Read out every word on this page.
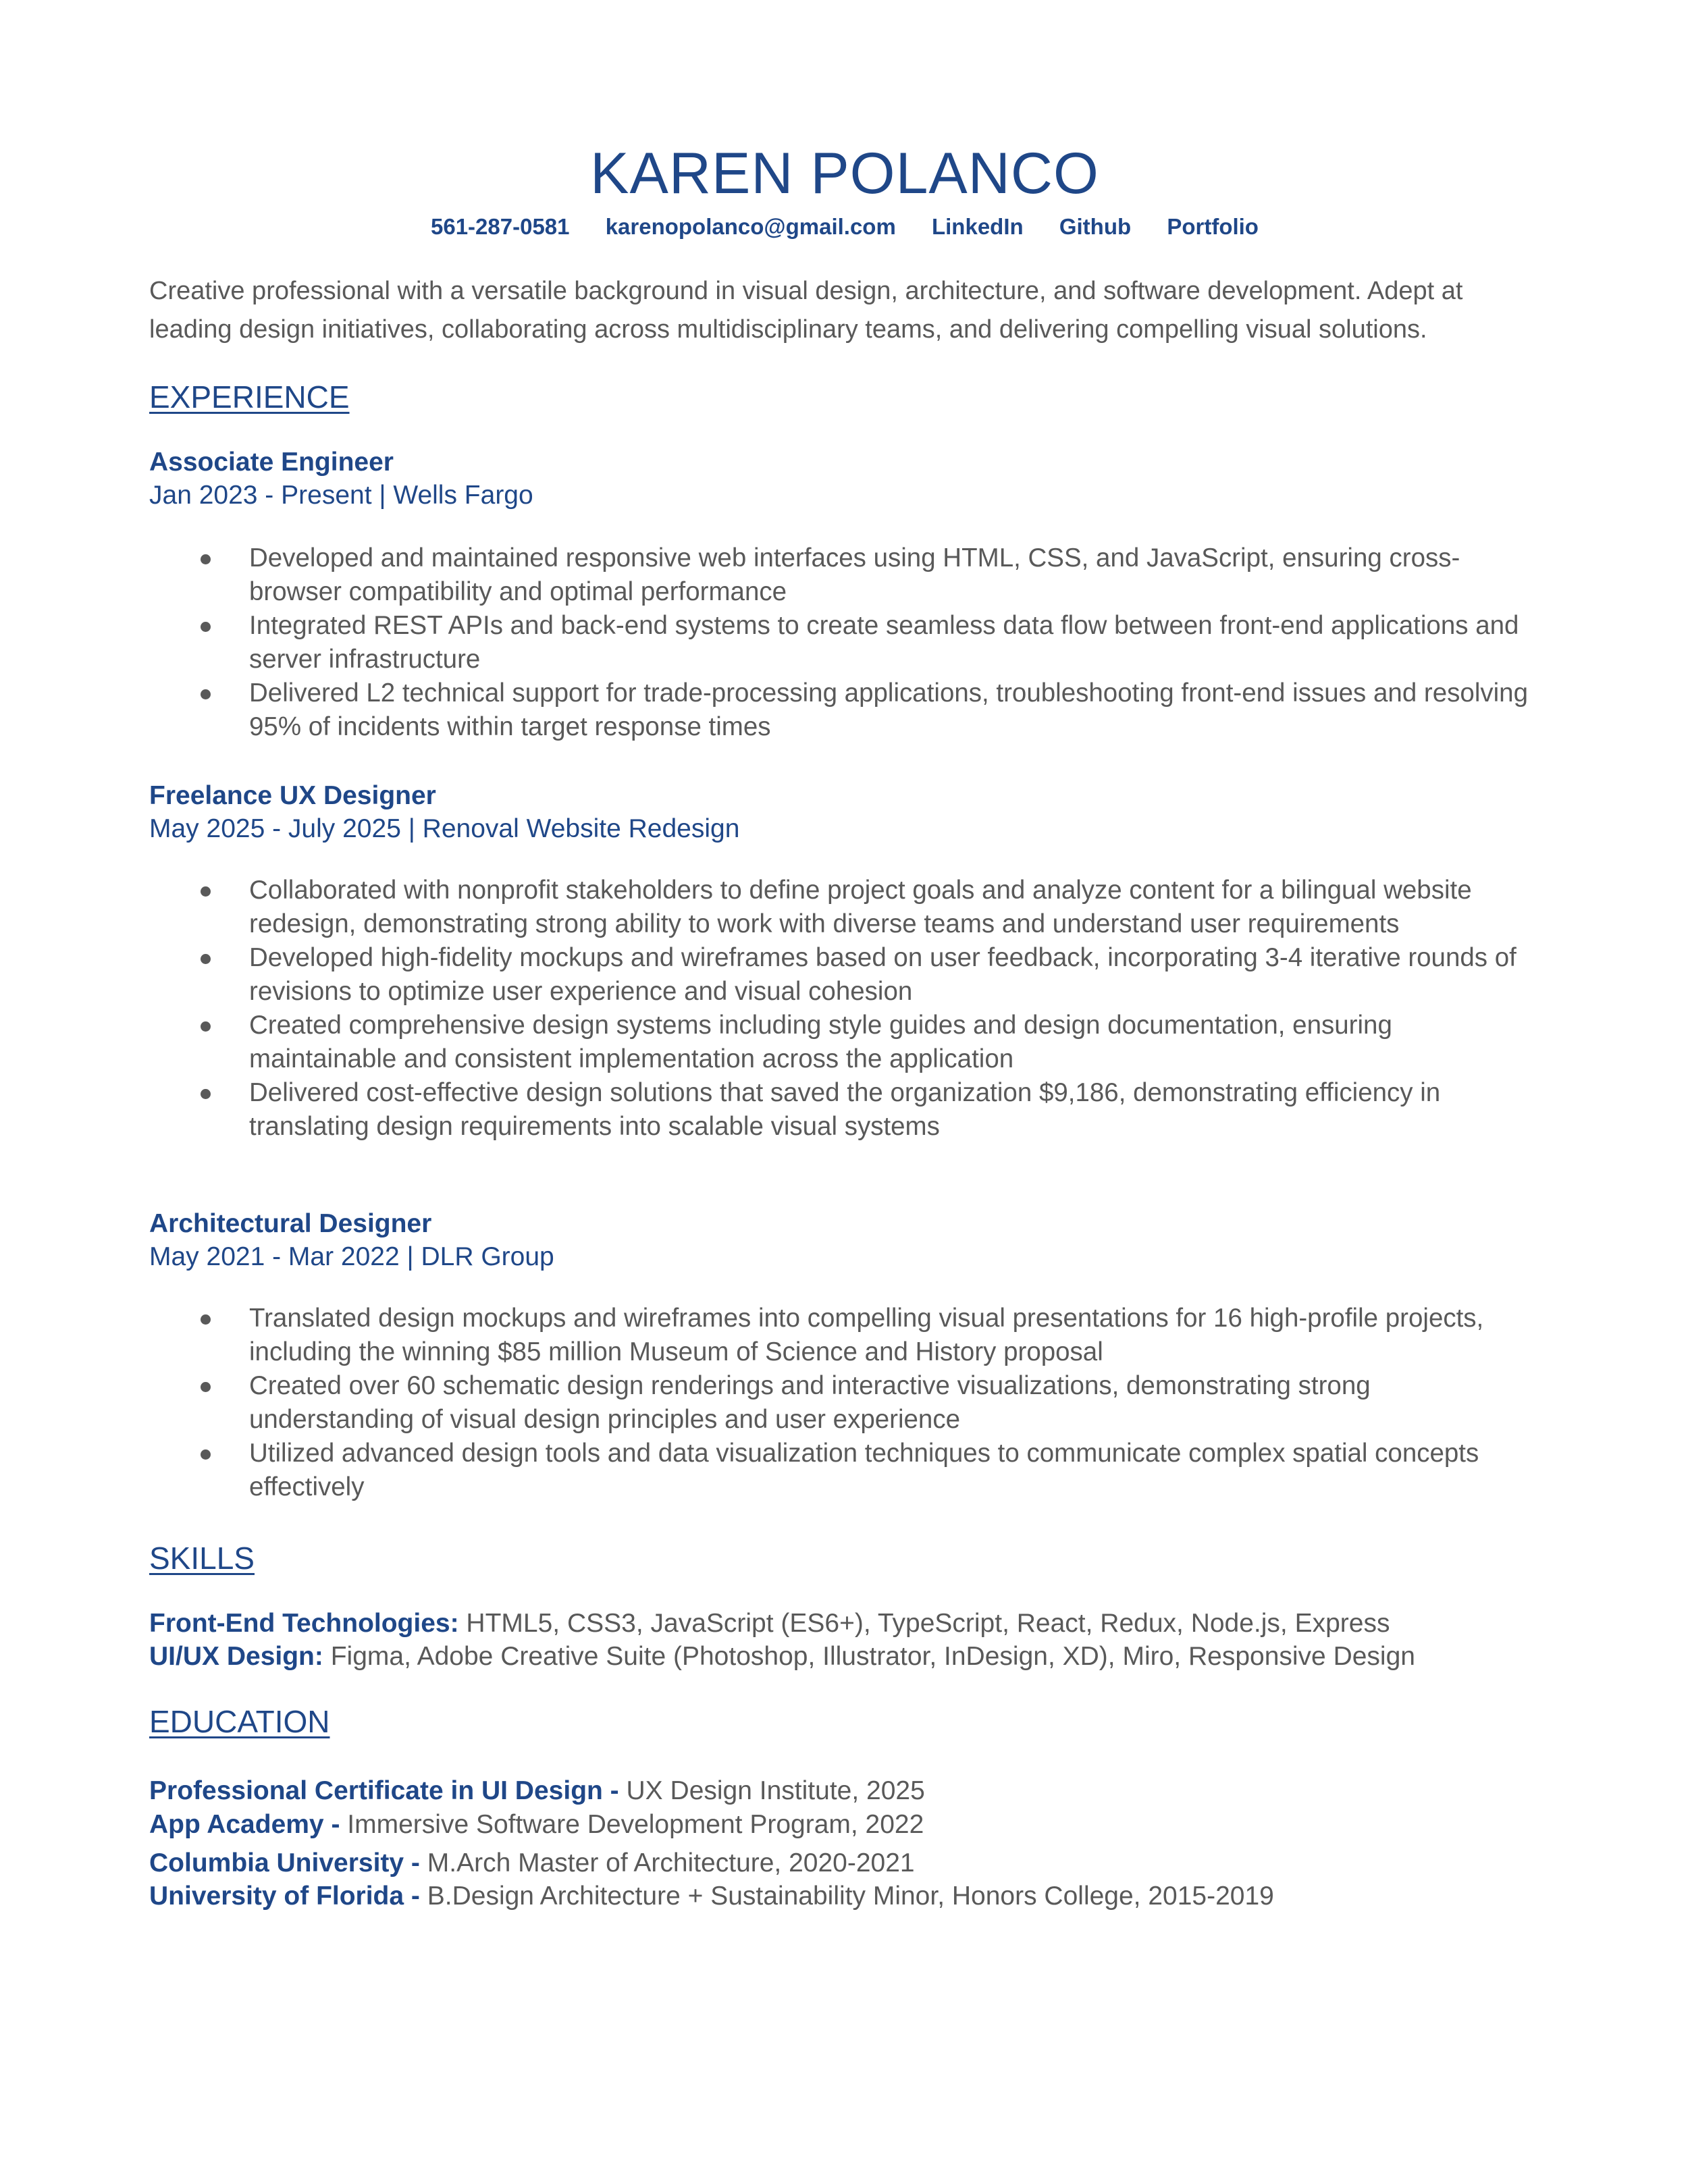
KAREN POLANCO
561-287-0581 karenopolanco@gmail.com LinkedIn Github Portfolio
Creative professional with a versatile background in visual design, architecture, and software development. Adept at leading design initiatives, collaborating across multidisciplinary teams, and delivering compelling visual solutions.
EXPERIENCE
Associate Engineer
Jan 2023 - Present | Wells Fargo
Developed and maintained responsive web interfaces using HTML, CSS, and JavaScript, ensuring cross-browser compatibility and optimal performance
Integrated REST APIs and back-end systems to create seamless data flow between front-end applications and server infrastructure
Delivered L2 technical support for trade-processing applications, troubleshooting front-end issues and resolving 95% of incidents within target response times
Freelance UX Designer
May 2025 - July 2025 | Renoval Website Redesign
Collaborated with nonprofit stakeholders to define project goals and analyze content for a bilingual website redesign, demonstrating strong ability to work with diverse teams and understand user requirements
Developed high-fidelity mockups and wireframes based on user feedback, incorporating 3-4 iterative rounds of revisions to optimize user experience and visual cohesion
Created comprehensive design systems including style guides and design documentation, ensuring maintainable and consistent implementation across the application
Delivered cost-effective design solutions that saved the organization $9,186, demonstrating efficiency in translating design requirements into scalable visual systems
Architectural Designer
May 2021 - Mar 2022 | DLR Group
Translated design mockups and wireframes into compelling visual presentations for 16 high-profile projects, including the winning $85 million Museum of Science and History proposal
Created over 60 schematic design renderings and interactive visualizations, demonstrating strong understanding of visual design principles and user experience
Utilized advanced design tools and data visualization techniques to communicate complex spatial concepts effectively
SKILLS
Front-End Technologies: HTML5, CSS3, JavaScript (ES6+), TypeScript, React, Redux, Node.js, Express
UI/UX Design: Figma, Adobe Creative Suite (Photoshop, Illustrator, InDesign, XD), Miro, Responsive Design
EDUCATION
Professional Certificate in UI Design - UX Design Institute, 2025
App Academy - Immersive Software Development Program, 2022
Columbia University - M.Arch Master of Architecture, 2020-2021
University of Florida - B.Design Architecture + Sustainability Minor, Honors College, 2015-2019
